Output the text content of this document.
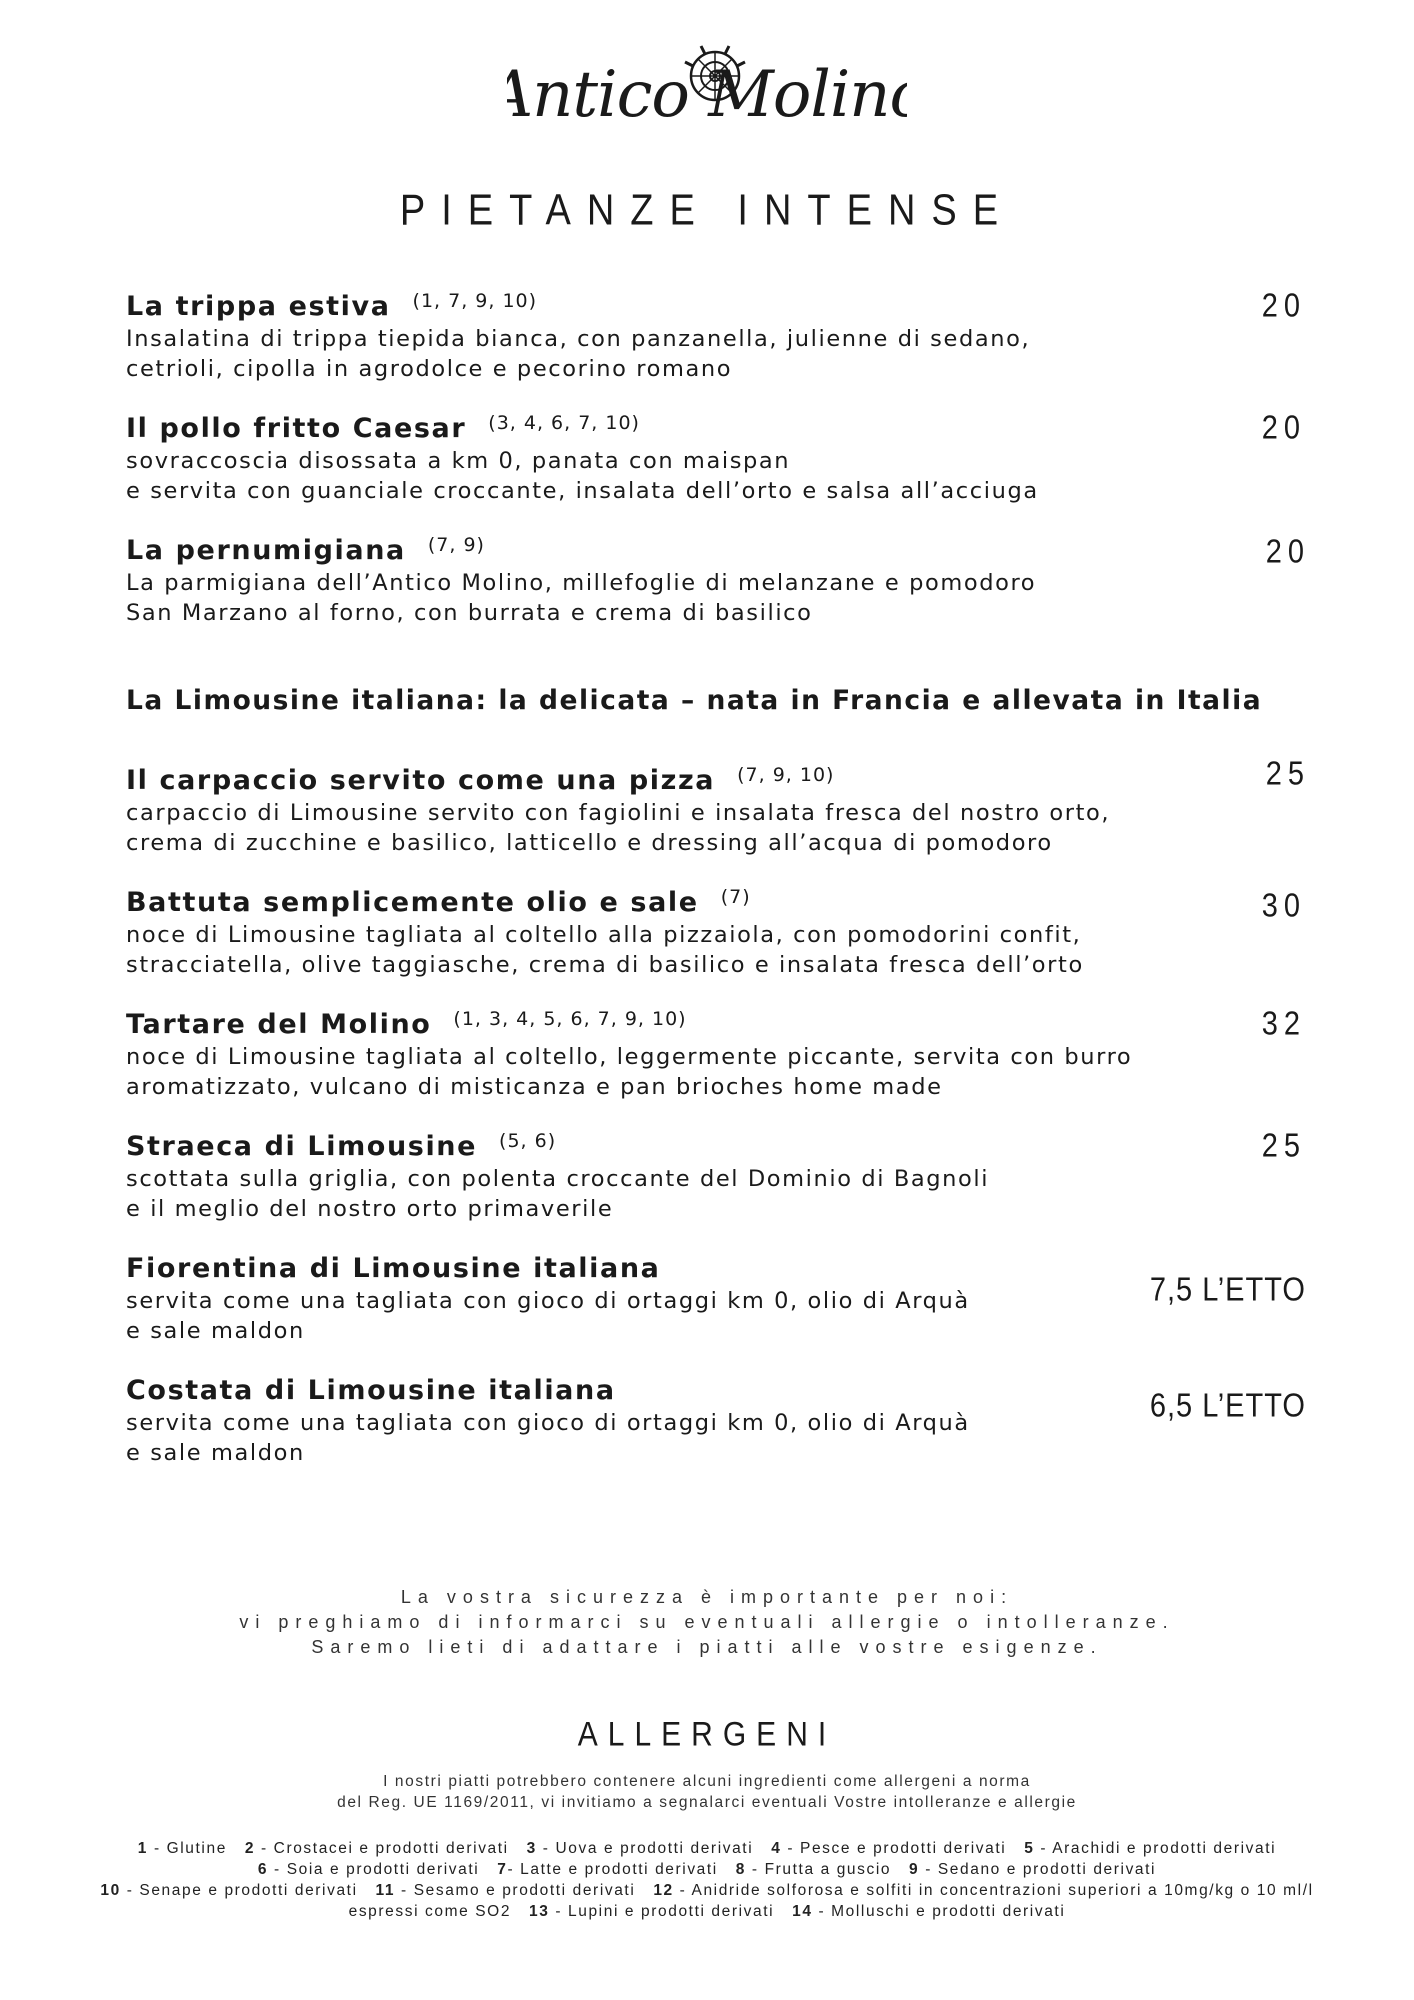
Antico Molino
PIETANZE INTENSE
La trippa estiva (1, 7, 9, 10)
Insalatina di trippa tiepida bianca, con panzanella, julienne di sedano,
cetrioli, cipolla in agrodolce e pecorino romano
20
Il pollo fritto Caesar (3, 4, 6, 7, 10)
sovraccoscia disossata a km 0, panata con maispan
e servita con guanciale croccante, insalata dell’orto e salsa all’acciuga
20
La pernumigiana (7, 9)
La parmigiana dell’Antico Molino, millefoglie di melanzane e pomodoro
San Marzano al forno, con burrata e crema di basilico
20
La Limousine italiana: la delicata – nata in Francia e allevata in Italia
Il carpaccio servito come una pizza (7, 9, 10)
carpaccio di Limousine servito con fagiolini e insalata fresca del nostro orto,
crema di zucchine e basilico, latticello e dressing all’acqua di pomodoro
25
Battuta semplicemente olio e sale (7)
noce di Limousine tagliata al coltello alla pizzaiola, con pomodorini confit,
stracciatella, olive taggiasche, crema di basilico e insalata fresca dell’orto
30
Tartare del Molino (1, 3, 4, 5, 6, 7, 9, 10)
noce di Limousine tagliata al coltello, leggermente piccante, servita con burro
aromatizzato, vulcano di misticanza e pan brioches home made
32
Straeca di Limousine (5, 6)
scottata sulla griglia, con polenta croccante del Dominio di Bagnoli
e il meglio del nostro orto primaverile
25
Fiorentina di Limousine italiana
servita come una tagliata con gioco di ortaggi km 0, olio di Arquà
e sale maldon
7,5 L’ETTO
Costata di Limousine italiana
servita come una tagliata con gioco di ortaggi km 0, olio di Arquà
e sale maldon
6,5 L’ETTO
La vostra sicurezza è importante per noi:
vi preghiamo di informarci su eventuali allergie o intolleranze.
Saremo lieti di adattare i piatti alle vostre esigenze.
ALLERGENI
I nostri piatti potrebbero contenere alcuni ingredienti come allergeni a norma
del Reg. UE 1169/2011, vi invitiamo a segnalarci eventuali Vostre intolleranze e allergie
1 - Glutine 2 - Crostacei e prodotti derivati 3 - Uova e prodotti derivati 4 - Pesce e prodotti derivati 5 - Arachidi e prodotti derivati
6 - Soia e prodotti derivati 7- Latte e prodotti derivati 8 - Frutta a guscio 9 - Sedano e prodotti derivati
10 - Senape e prodotti derivati 11 - Sesamo e prodotti derivati 12 - Anidride solforosa e solfiti in concentrazioni superiori a 10mg/kg o 10 ml/l
espressi come SO2 13 - Lupini e prodotti derivati 14 - Molluschi e prodotti derivati
